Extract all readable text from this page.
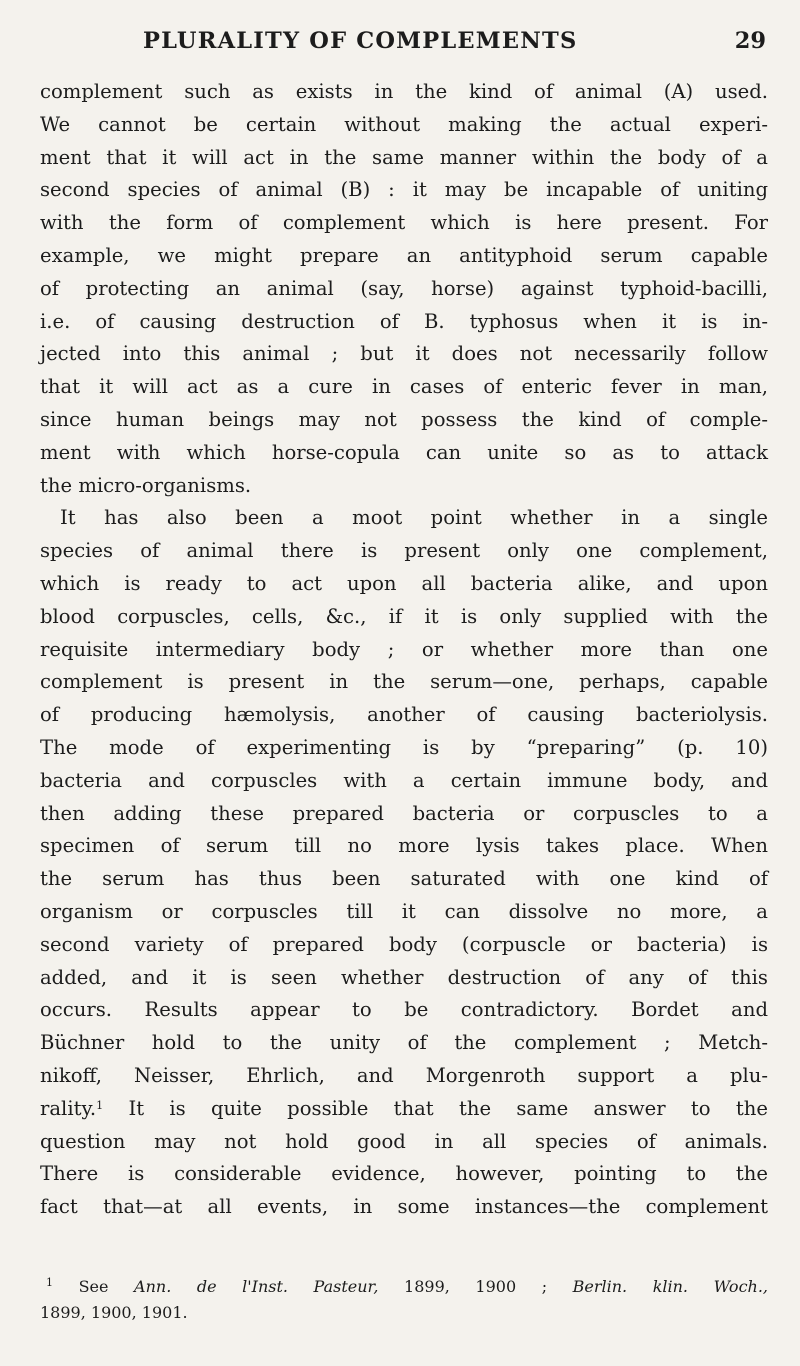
PLURALITY OF COMPLEMENTS	29
complement such as exists in the kind of animal (A) used.
We cannot be certain without making the actual experi-
ment that it will act in the same manner within the body of a
second species of animal (B) : it may be incapable of uniting
with the form of complement which is here present. For
example, we might prepare an antityphoid serum capable
of protecting an animal (say, horse) against typhoid-bacilli,
i.e. of causing destruction of B. typhosus when it is in-
jected into this animal ; but it does not necessarily follow
that it will act as a cure in cases of enteric fever in man,
since human beings may not possess the kind of comple-
ment with which horse-copula can unite so as to attack
the micro-organisms.
It has also been a moot point whether in a single
species of animal there is present only one complement,
which is ready to act upon all bacteria alike, and upon
blood corpuscles, cells, &c., if it is only supplied with the
requisite intermediary body ; or whether more than one
complement is present in the serum—one, perhaps, capable
of producing hæmolysis, another of causing bacteriolysis.
The mode of experimenting is by “preparing” (p. 10)
bacteria and corpuscles with a certain immune body, and
then adding these prepared bacteria or corpuscles to a
specimen of serum till no more lysis takes place. When
the serum has thus been saturated with one kind of
organism or corpuscles till it can dissolve no more, a
second variety of prepared body (corpuscle or bacteria) is
added, and it is seen whether destruction of any of this
occurs. Results appear to be contradictory. Bordet and
Büchner hold to the unity of the complement ; Metch-
nikoff, Neisser, Ehrlich, and Morgenroth support a plu-
rality.$^1$ It is quite possible that the same answer to the
question may not hold good in all species of animals.
There is considerable evidence, however, pointing to the
fact that—at all events, in some instances—the complement
$^1$ See Ann. de l'Inst. Pasteur, 1899, 1900 ; Berlin. klin. Woch.,
1899, 1900, 1901.
